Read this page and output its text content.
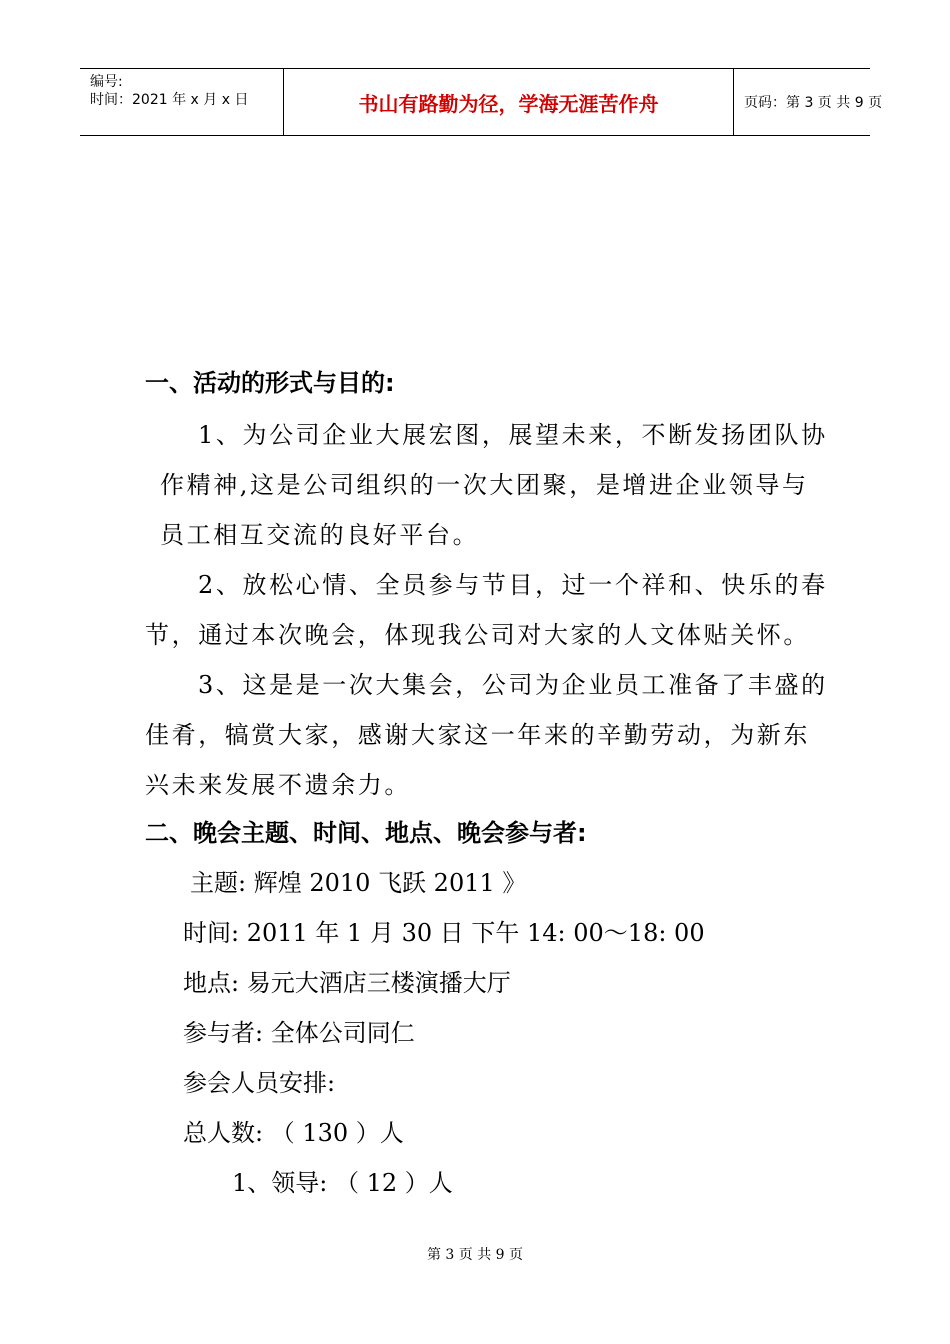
编号:
时间：2021 年 x 月 x 日	书山有路勤为径，学海无涯苦作舟	页码：第 3 页 共 9 页
一、活动的形式与目的:
1、为公司企业大展宏图，展望未来，不断发扬团队协
作精神,这是公司组织的一次大团聚，是增进企业领导与
员工相互交流的良好平台。
2、放松心情、全员参与节目，过一个祥和、快乐的春
节，通过本次晚会，体现我公司对大家的人文体贴关怀。
3、这是是一次大集会，公司为企业员工准备了丰盛的
佳肴，犒赏大家，感谢大家这一年来的辛勤劳动，为新东
兴未来发展不遗余力。
二、晚会主题、时间、地点、晚会参与者:
主题: 辉煌 2010 飞跃 2011 》
时间: 2011 年 1 月 30 日 下午 14: 00～18: 00
地点: 易元大酒店三楼演播大厅
参与者: 全体公司同仁
参会人员安排:
总人数: （ 130 ）人
1、领导: （ 12 ）人
第 3 页 共 9 页
